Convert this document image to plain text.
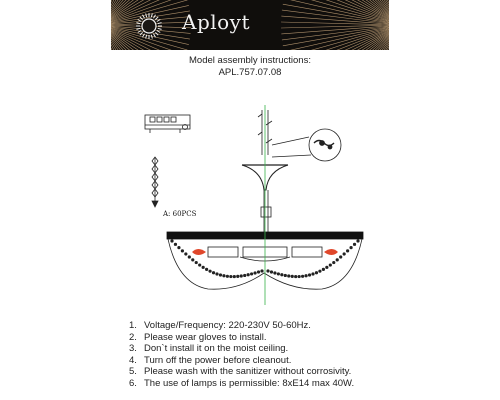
Aployt
Model assembly instructions:
APL.757.07.08
A: 60PCS
1. Voltage/Frequency: 220-230V 50-60Hz.
2. Please wear gloves to install.
3. Don`t install it on the moist ceiling.
4. Turn off the power before cleanout.
5. Please wash with the sanitizer without corrosivity.
6. The use of lamps is permissible: 8xE14 max 40W.
